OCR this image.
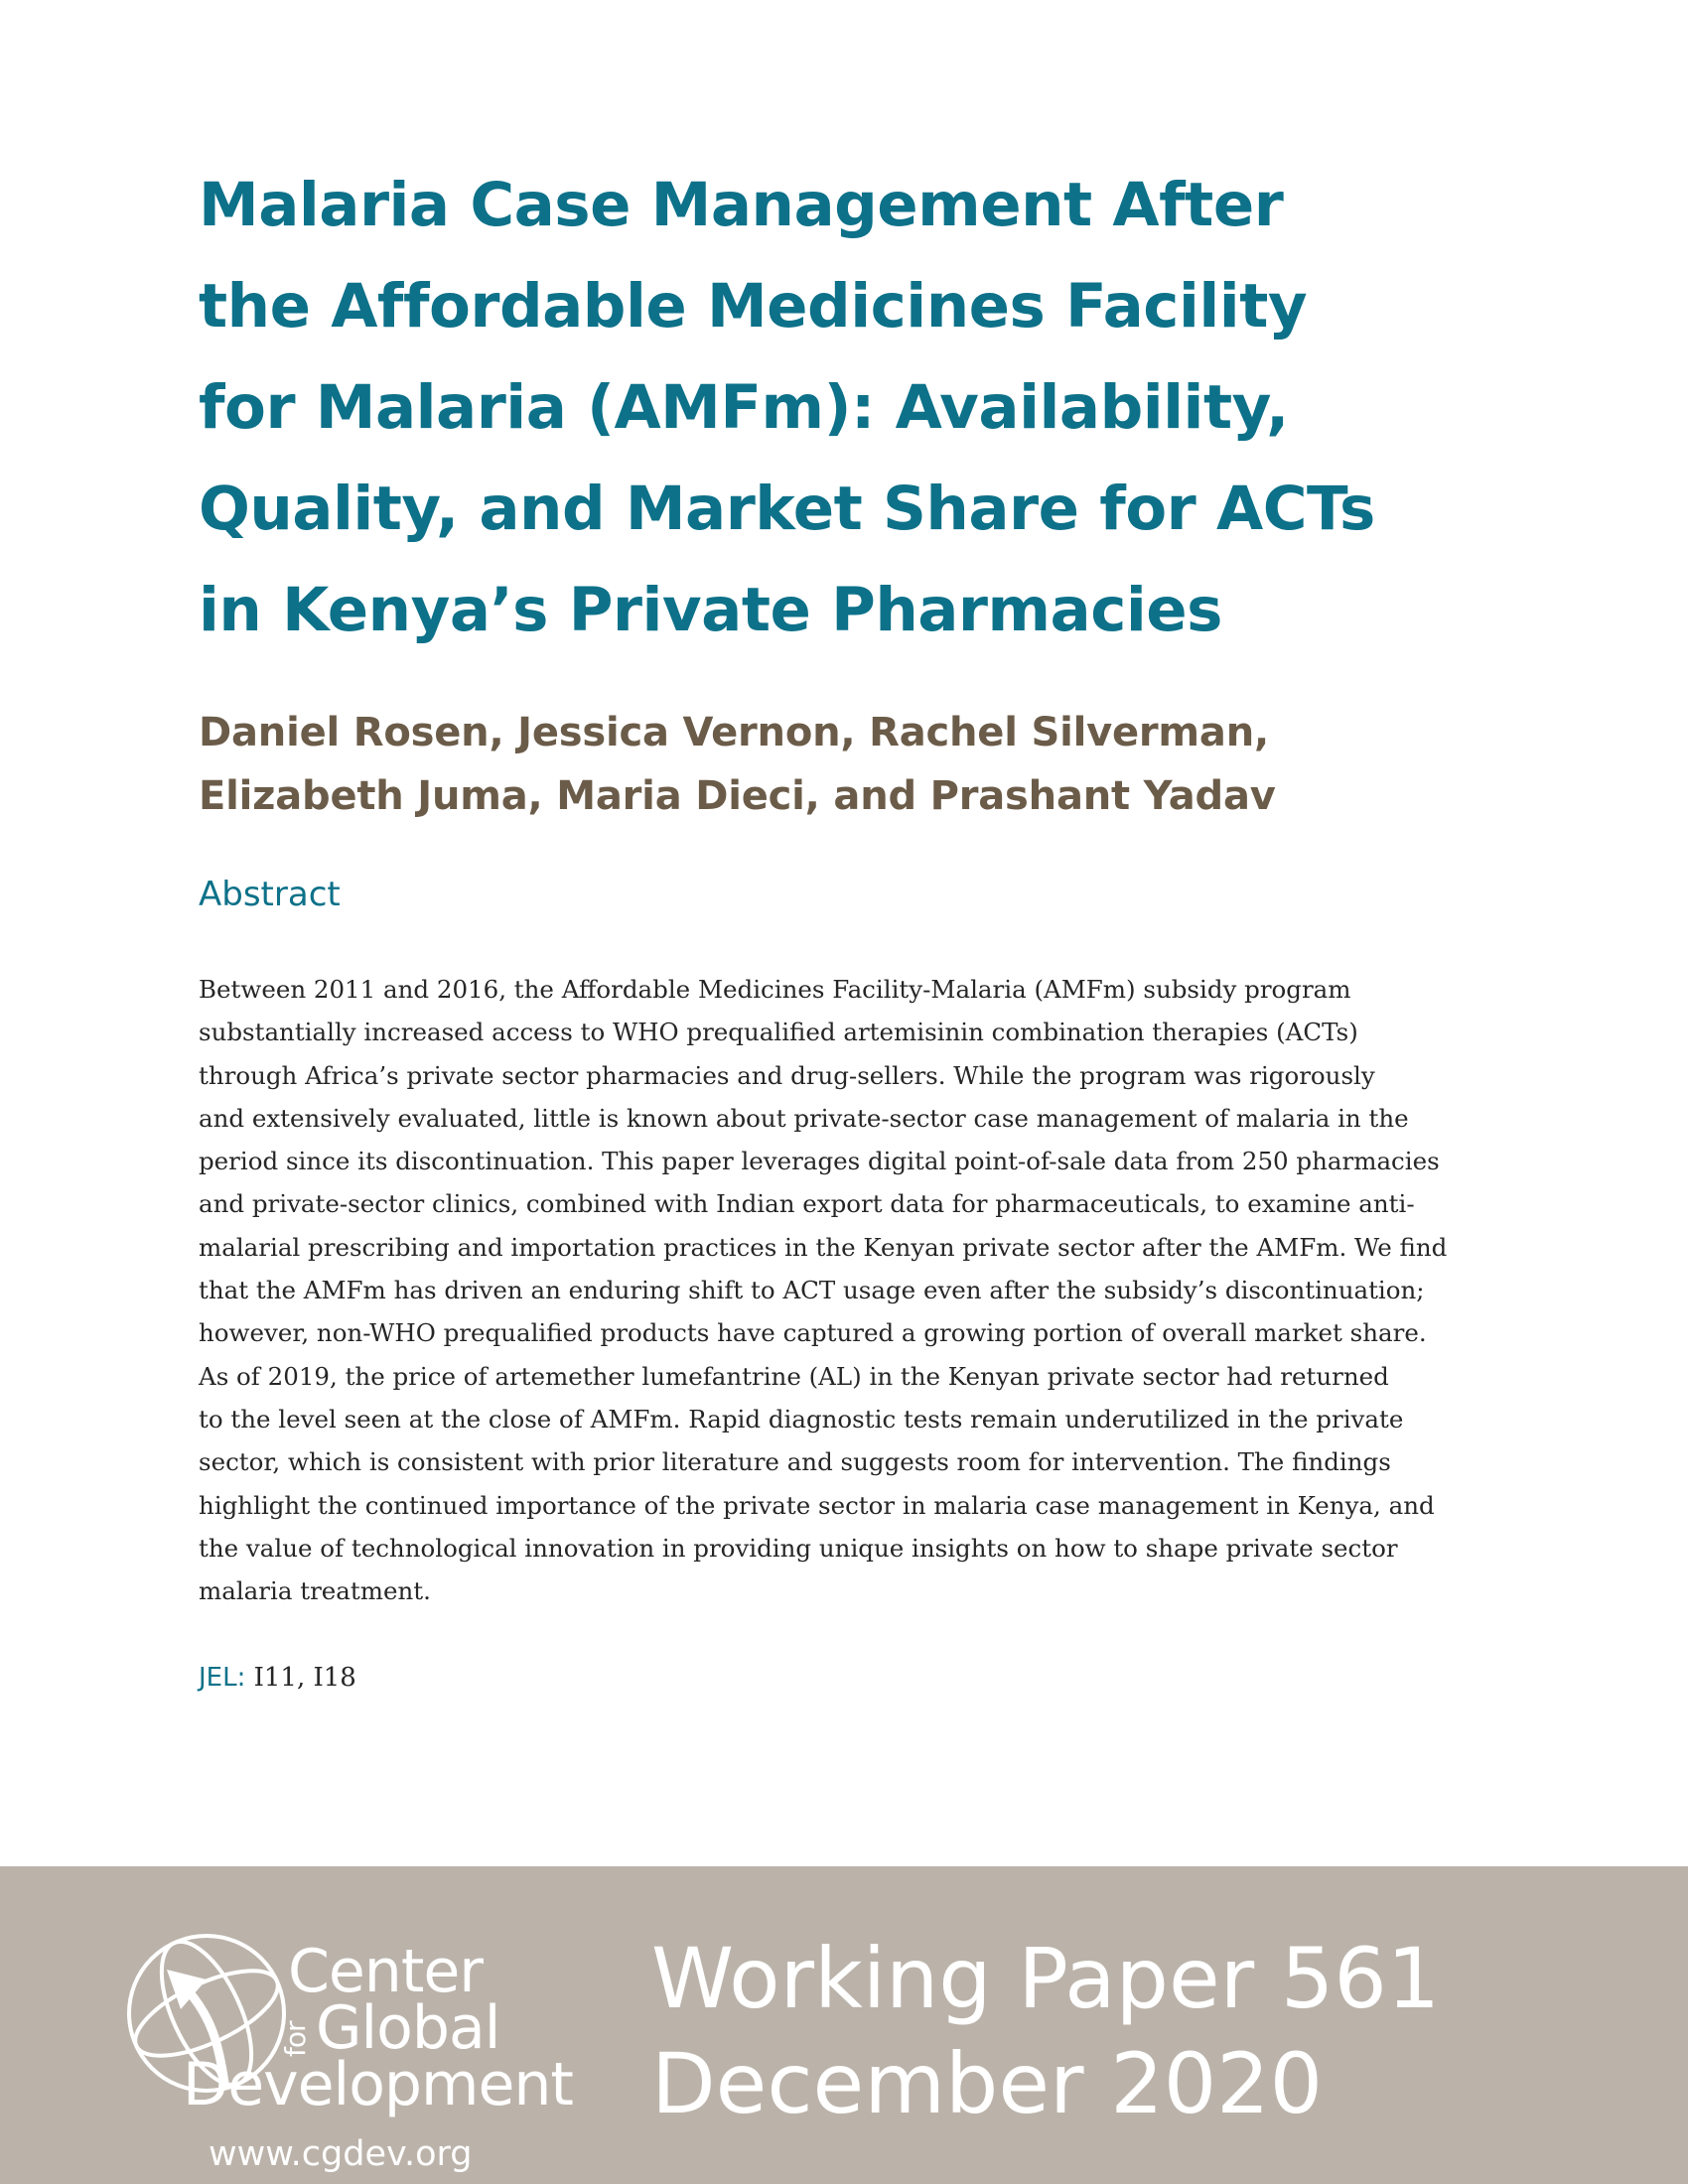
Malaria Case Management After
the Affordable Medicines Facility
for Malaria (AMFm): Availability,
Quality, and Market Share for ACTs
in Kenya’s Private Pharmacies
Daniel Rosen, Jessica Vernon, Rachel Silverman,
Elizabeth Juma, Maria Dieci, and Prashant Yadav
Abstract
Between 2011 and 2016, the Affordable Medicines Facility-Malaria (AMFm) subsidy program
substantially increased access to WHO prequalified artemisinin combination therapies (ACTs)
through Africa’s private sector pharmacies and drug-sellers. While the program was rigorously
and extensively evaluated, little is known about private-sector case management of malaria in the
period since its discontinuation. This paper leverages digital point-of-sale data from 250 pharmacies
and private-sector clinics, combined with Indian export data for pharmaceuticals, to examine anti-
malarial prescribing and importation practices in the Kenyan private sector after the AMFm. We find
that the AMFm has driven an enduring shift to ACT usage even after the subsidy’s discontinuation;
however, non-WHO prequalified products have captured a growing portion of overall market share.
As of 2019, the price of artemether lumefantrine (AL) in the Kenyan private sector had returned
to the level seen at the close of AMFm. Rapid diagnostic tests remain underutilized in the private
sector, which is consistent with prior literature and suggests room for intervention. The findings
highlight the continued importance of the private sector in malaria case management in Kenya, and
the value of technological innovation in providing unique insights on how to shape private sector
malaria treatment.

JEL: I11, I18

Center
for Global
Development

www.cgdev.org

Working Paper 561
December 2020
